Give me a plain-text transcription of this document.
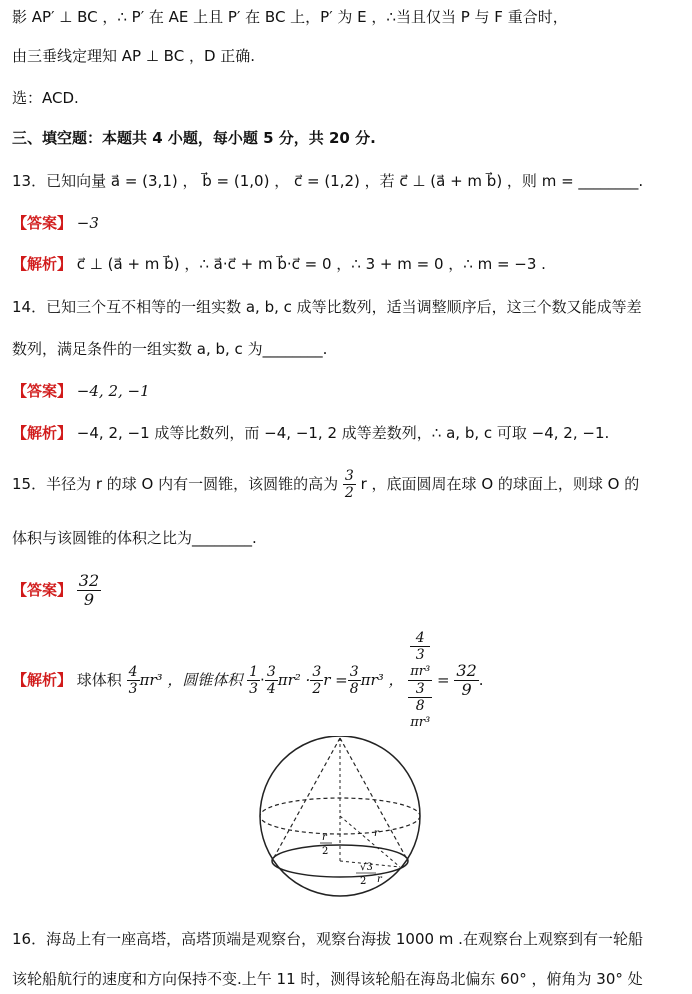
影 AP′ ⊥ BC ，∴ P′ 在 AE 上且 P′ 在 BC 上，P′ 为 E ，∴当且仅当 P 与 F 重合时，
由三垂线定理知 AP ⊥ BC ，D 正确.
选：ACD.
三、填空题：本题共 4 小题，每小题 5 分，共 20 分.
13．已知向量 a⃗ = (3,1) ， b⃗ = (1,0) ， c⃗ = (1,2) ，若 c⃗ ⊥ (a⃗ + m b⃗) ，则 m = ________.
【答案】 −3
【解析】 c⃗ ⊥ (a⃗ + m b⃗) ，∴ a⃗·c⃗ + m b⃗·c⃗ = 0 ，∴ 3 + m = 0 ，∴ m = −3 .
14．已知三个互不相等的一组实数 a, b, c 成等比数列，适当调整顺序后，这三个数又能成等差
数列，满足条件的一组实数 a, b, c 为________.
【答案】 −4, 2, −1
【解析】 −4, 2, −1 成等比数列，而 −4, −1, 2 成等差数列，∴ a, b, c 可取 −4, 2, −1.
15．半径为 r 的球 O 内有一圆锥，该圆锥的高为 $\frac{3}{2}$ r ，底面圆周在球 O 的球面上，则球 O 的
体积与该圆锥的体积之比为________.
【答案】 $\frac{32}{9}$
【解析】 球体积 $\frac{4}{3} \pi r^3$ ，圆锥体积 $\frac{1}{3} \cdot \frac{3}{4} \pi r^2 \cdot \frac{3}{2}$ $r = \frac{3}{8} \pi r^3$ ， 4
3
πr³
3
8
$\pi r^3 = \frac{32}{9}$ .
r
r
2
√3
2 r
16．海岛上有一座高塔，高塔顶端是观察台，观察台海拔 1000 m .在观察台上观察到有一轮船
该轮船航行的速度和方向保持不变.上午 11 时，测得该轮船在海岛北偏东 60° ，俯角为 30° 处
